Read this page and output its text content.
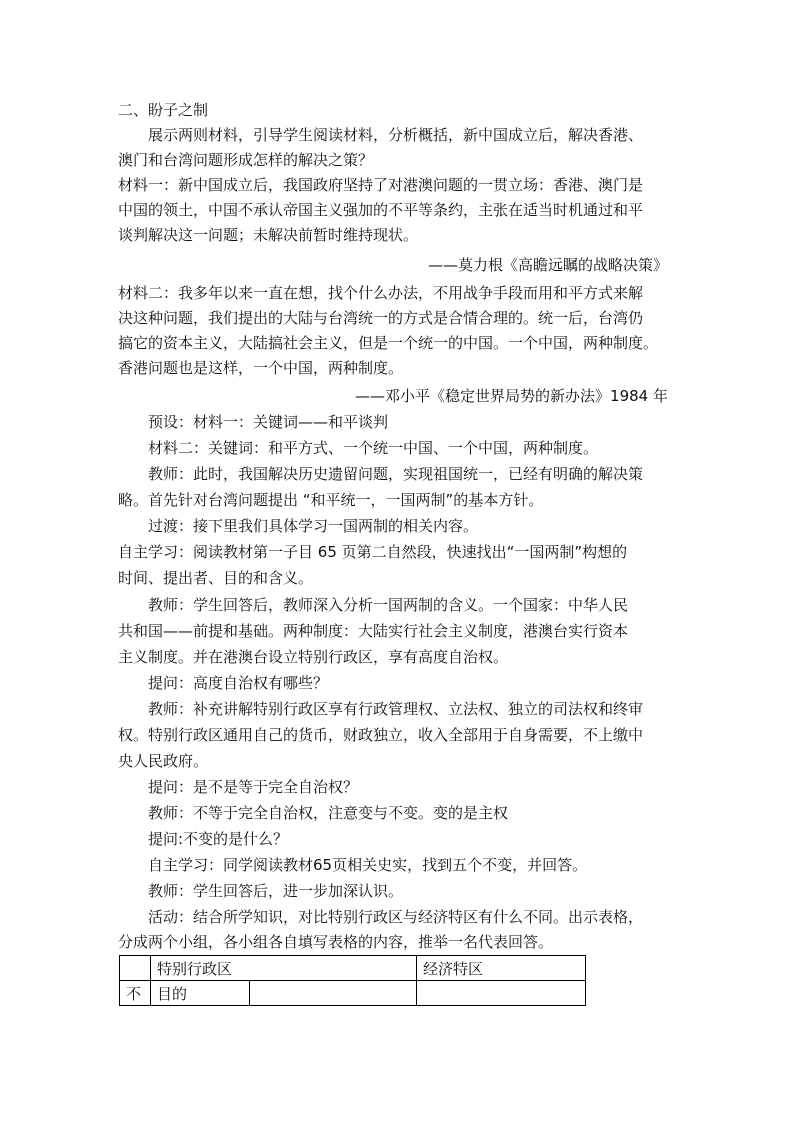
二、盼子之制
展示两则材料，引导学生阅读材料，分析概括，新中国成立后，解决香港、
澳门和台湾问题形成怎样的解决之策？
材料一：新中国成立后，我国政府坚持了对港澳问题的一贯立场：香港、澳门是
中国的领土，中国不承认帝国主义强加的不平等条约，主张在适当时机通过和平
谈判解决这一问题；未解决前暂时维持现状。
——莫力根《高瞻远瞩的战略决策》
材料二：我多年以来一直在想，找个什么办法，不用战争手段而用和平方式来解
决这种问题，我们提出的大陆与台湾统一的方式是合情合理的。统一后，台湾仍
搞它的资本主义，大陆搞社会主义，但是一个统一的中国。一个中国，两种制度。
香港问题也是这样，一个中国，两种制度。
——邓小平《稳定世界局势的新办法》1984 年
预设：材料一：关键词——和平谈判
材料二：关键词：和平方式、一个统一中国、一个中国，两种制度。
教师：此时，我国解决历史遗留问题，实现祖国统一，已经有明确的解决策
略。首先针对台湾问题提出 “和平统一，一国两制”的基本方针。
过渡：接下里我们具体学习一国两制的相关内容。
自主学习：阅读教材第一子目 65 页第二自然段，快速找出“一国两制”构想的
时间、提出者、目的和含义。
教师：学生回答后，教师深入分析一国两制的含义。一个国家：中华人民
共和国——前提和基础。两种制度：大陆实行社会主义制度，港澳台实行资本
主义制度。并在港澳台设立特别行政区，享有高度自治权。
提问：高度自治权有哪些？
教师：补充讲解特别行政区享有行政管理权、立法权、独立的司法权和终审
权。特别行政区通用自己的货币，财政独立，收入全部用于自身需要，不上缴中
央人民政府。
提问：是不是等于完全自治权？
教师：不等于完全自治权，注意变与不变。变的是主权
提问:不变的是什么？
自主学习：同学阅读教材65页相关史实，找到五个不变，并回答。
教师：学生回答后，进一步加深认识。
活动：结合所学知识，对比特别行政区与经济特区有什么不同。出示表格，
分成两个小组，各小组各自填写表格的内容，推举一名代表回答。
	特别行政区		经济特区
不	目的		
